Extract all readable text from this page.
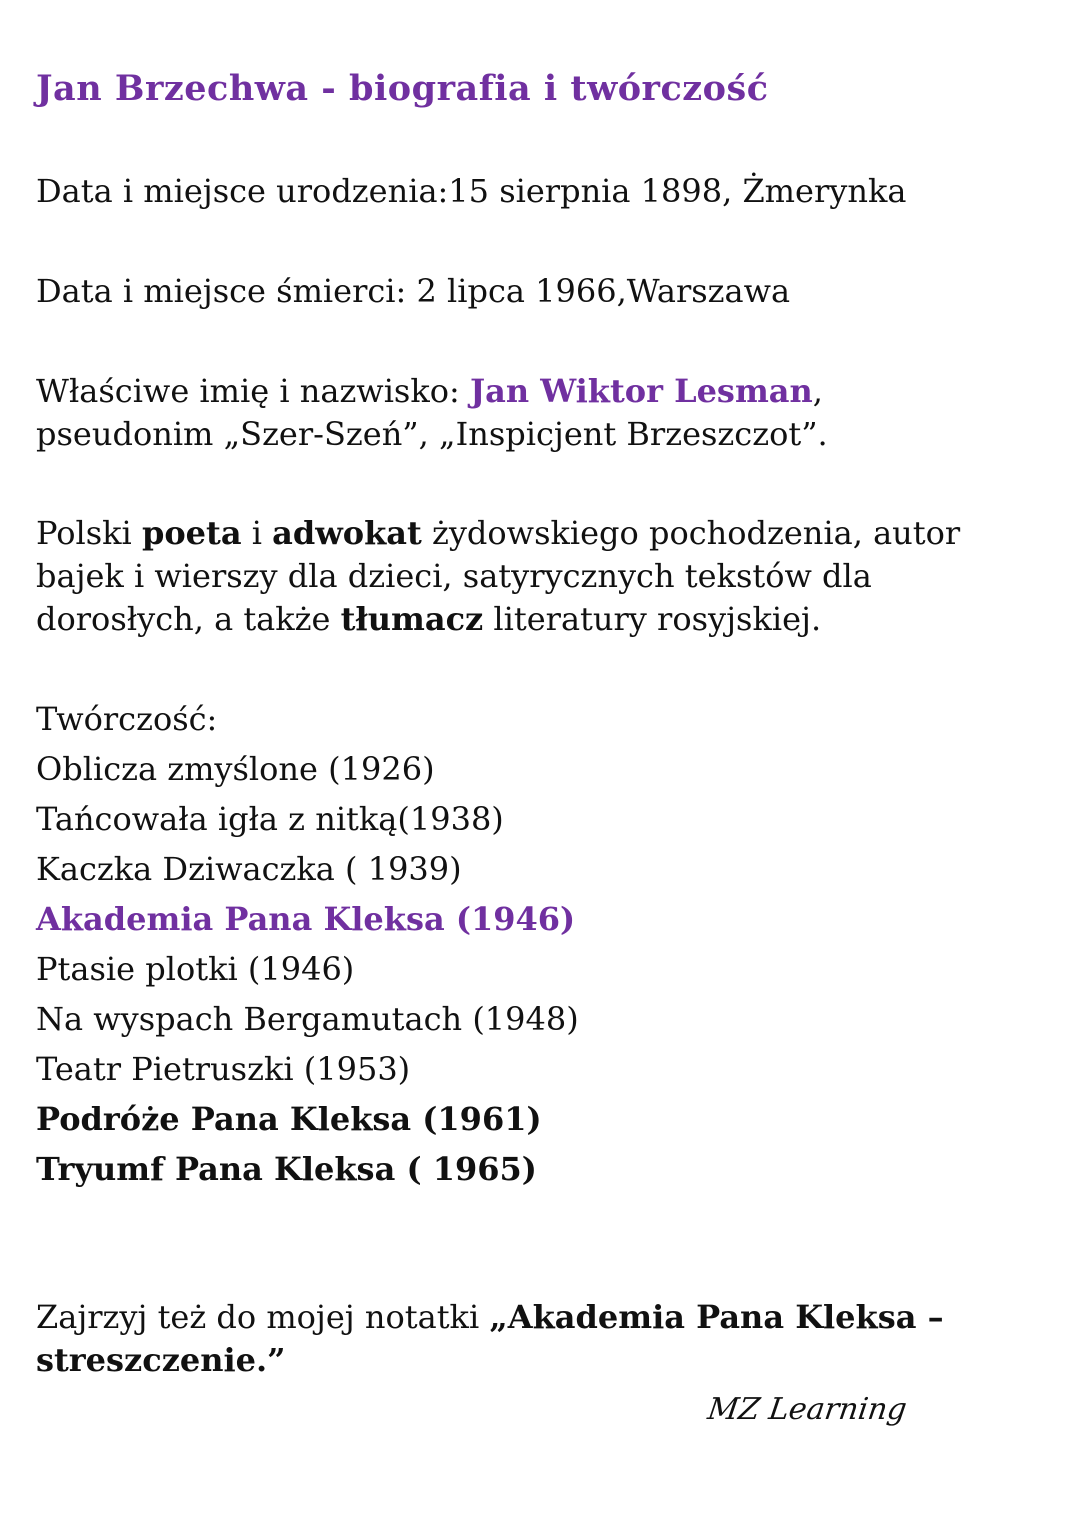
Jan Brzechwa - biografia i twórczość
Data i miejsce urodzenia:15 sierpnia 1898, Żmerynka
Data i miejsce śmierci: 2 lipca 1966,Warszawa
Właściwe imię i nazwisko: Jan Wiktor Lesman,
pseudonim „Szer-Szeń”, „Inspicjent Brzeszczot”.
Polski poeta i adwokat żydowskiego pochodzenia, autor bajek i wierszy dla dzieci, satyrycznych tekstów dla dorosłych, a także tłumacz literatury rosyjskiej.
Twórczość:
Oblicza zmyślone (1926)
Tańcowała igła z nitką(1938)
Kaczka Dziwaczka ( 1939)
Akademia Pana Kleksa (1946)
Ptasie plotki (1946)
Na wyspach Bergamutach (1948)
Teatr Pietruszki (1953)
Podróże Pana Kleksa (1961)
Tryumf Pana Kleksa ( 1965)
Zajrzyj też do mojej notatki „Akademia Pana Kleksa – streszczenie.”
MZ Learning
